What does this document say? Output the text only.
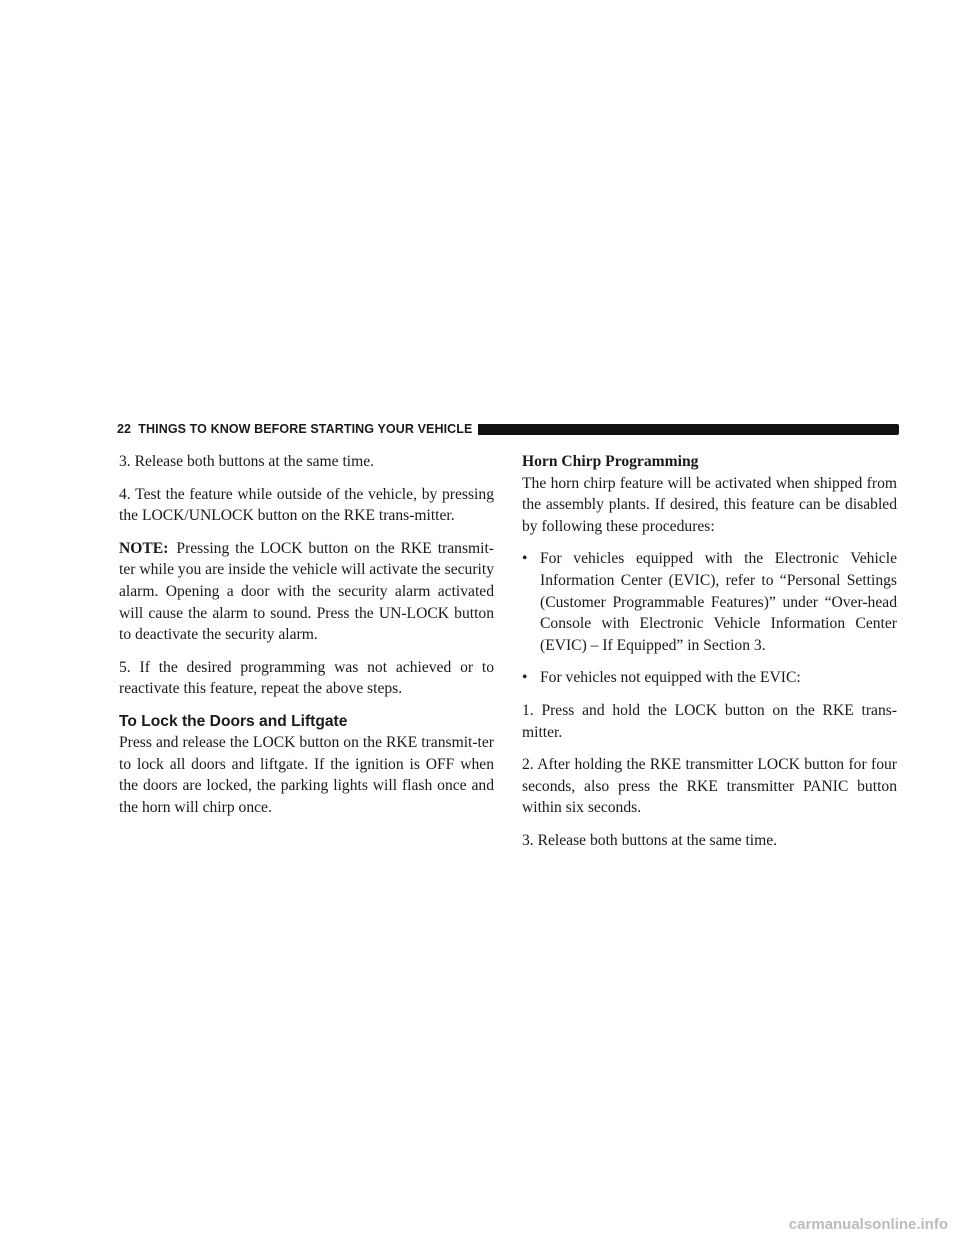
22 THINGS TO KNOW BEFORE STARTING YOUR VEHICLE

3. Release both buttons at the same time.

4. Test the feature while outside of the vehicle, by pressing the LOCK/UNLOCK button on the RKE trans-mitter.

NOTE: Pressing the LOCK button on the RKE transmit-ter while you are inside the vehicle will activate the security alarm. Opening a door with the security alarm activated will cause the alarm to sound. Press the UN-LOCK button to deactivate the security alarm.

5. If the desired programming was not achieved or to reactivate this feature, repeat the above steps.

To Lock the Doors and Liftgate

Press and release the LOCK button on the RKE transmit-ter to lock all doors and liftgate. If the ignition is OFF when the doors are locked, the parking lights will flash once and the horn will chirp once.

Horn Chirp Programming

The horn chirp feature will be activated when shipped from the assembly plants. If desired, this feature can be disabled by following these procedures:

• For vehicles equipped with the Electronic Vehicle Information Center (EVIC), refer to “Personal Settings (Customer Programmable Features)” under “Over-head Console with Electronic Vehicle Information Center (EVIC) – If Equipped” in Section 3.
• For vehicles not equipped with the EVIC:

1. Press and hold the LOCK button on the RKE trans-mitter.

2. After holding the RKE transmitter LOCK button for four seconds, also press the RKE transmitter PANIC button within six seconds.

3. Release both buttons at the same time.

carmanualsonline.info
